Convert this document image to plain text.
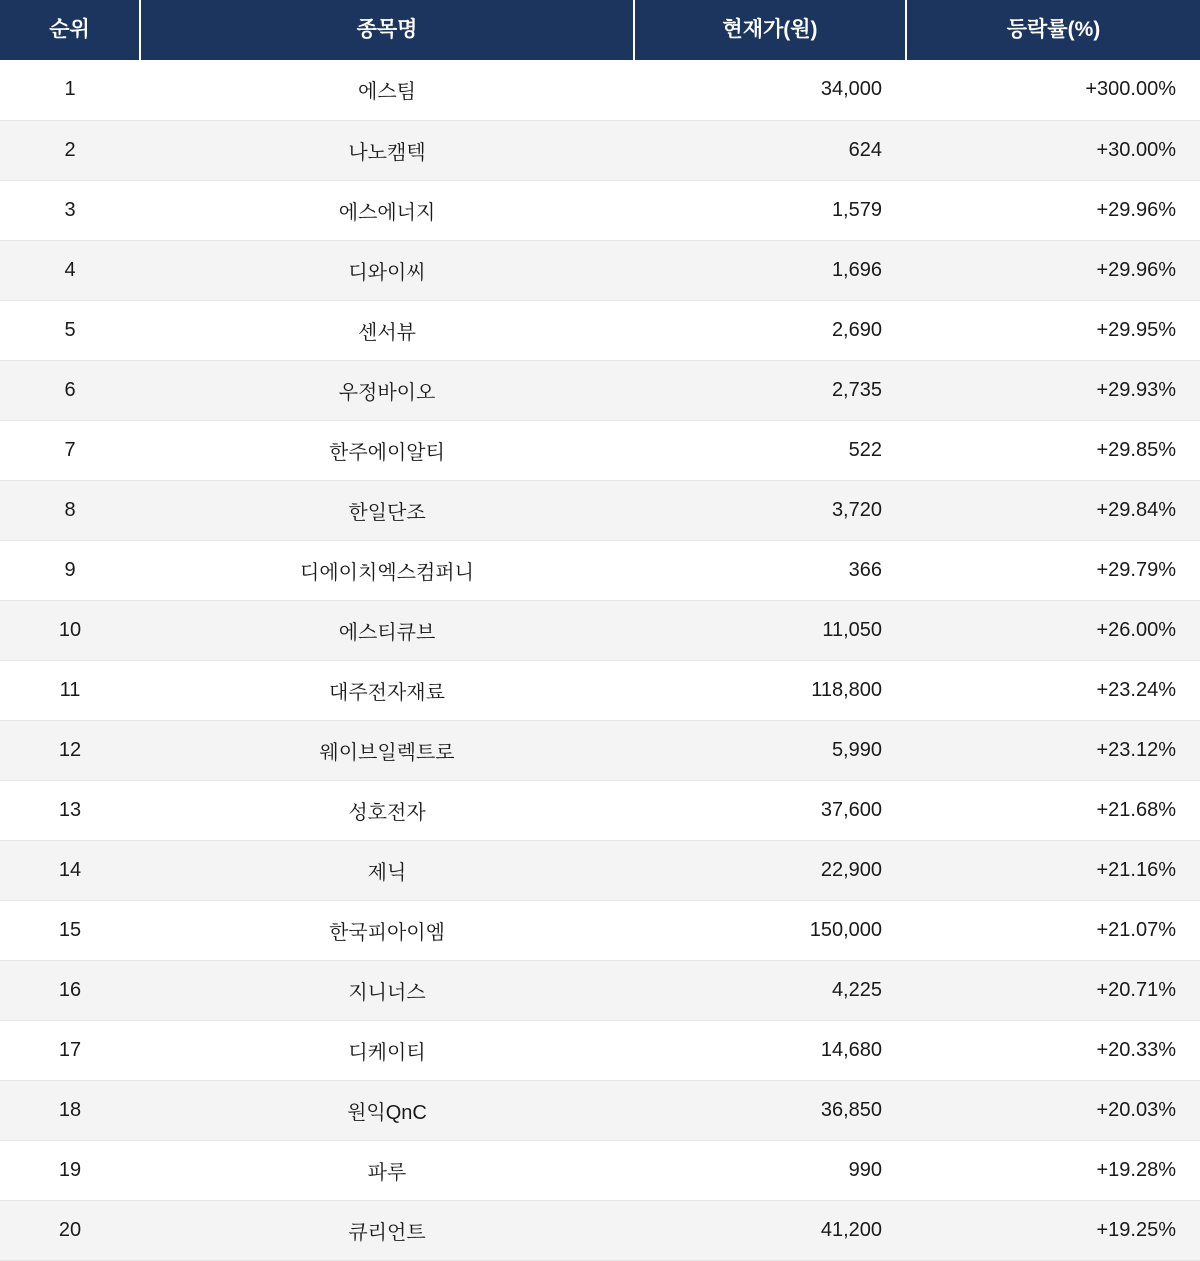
순위	종목명	현재가(원)	등락률(%)
1	에스팀	34,000	+300.00%
2	나노캠텍	624	+30.00%
3	에스에너지	1,579	+29.96%
4	디와이씨	1,696	+29.96%
5	센서뷰	2,690	+29.95%
6	우정바이오	2,735	+29.93%
7	한주에이알티	522	+29.85%
8	한일단조	3,720	+29.84%
9	디에이치엑스컴퍼니	366	+29.79%
10	에스티큐브	11,050	+26.00%
11	대주전자재료	118,800	+23.24%
12	웨이브일렉트로	5,990	+23.12%
13	성호전자	37,600	+21.68%
14	제닉	22,900	+21.16%
15	한국피아이엠	150,000	+21.07%
16	지니너스	4,225	+20.71%
17	디케이티	14,680	+20.33%
18	원익QnC	36,850	+20.03%
19	파루	990	+19.28%
20	큐리언트	41,200	+19.25%
